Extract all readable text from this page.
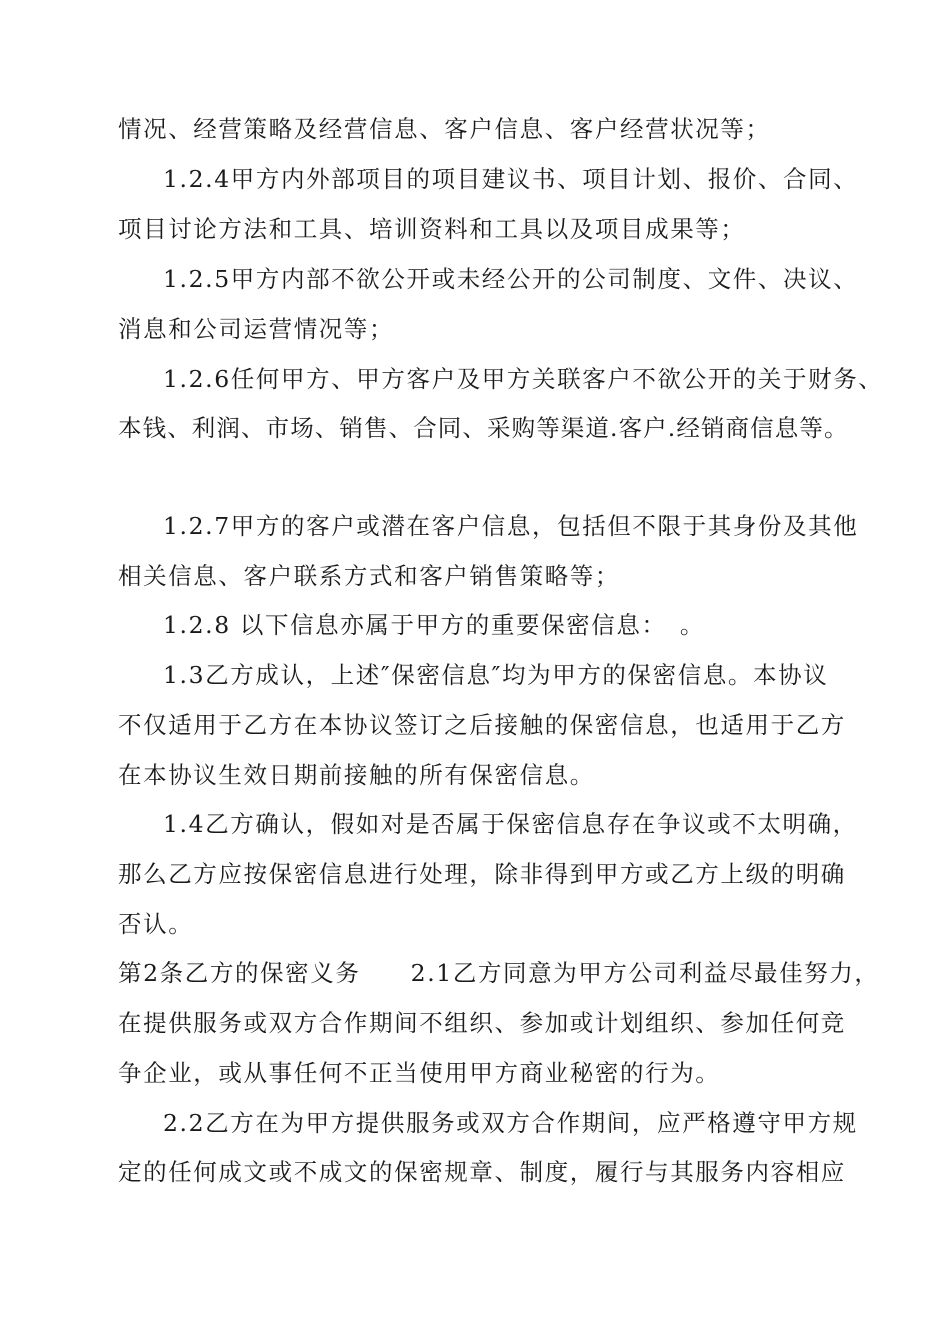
情况、经营策略及经营信息、客户信息、客户经营状况等；

1.2.4甲方内外部项目的项目建议书、项目计划、报价、合同、

项目讨论方法和工具、培训资料和工具以及项目成果等；

1.2.5甲方内部不欲公开或未经公开的公司制度、文件、决议、

消息和公司运营情况等；

1.2.6任何甲方、甲方客户及甲方关联客户不欲公开的关于财务、

本钱、利润、市场、销售、合同、采购等渠道.客户.经销商信息等。

1.2.7甲方的客户或潜在客户信息，包括但不限于其身份及其他

相关信息、客户联系方式和客户销售策略等；

1.2.8 以下信息亦属于甲方的重要保密信息：　。

1.3乙方成认，上述″保密信息″均为甲方的保密信息。本协议

不仅适用于乙方在本协议签订之后接触的保密信息，也适用于乙方

在本协议生效日期前接触的所有保密信息。

1.4乙方确认，假如对是否属于保密信息存在争议或不太明确，

那么乙方应按保密信息进行处理，除非得到甲方或乙方上级的明确

否认。

第2条乙方的保密义务　　2.1乙方同意为甲方公司利益尽最佳努力，

在提供服务或双方合作期间不组织、参加或计划组织、参加任何竞

争企业，或从事任何不正当使用甲方商业秘密的行为。

2.2乙方在为甲方提供服务或双方合作期间，应严格遵守甲方规

定的任何成文或不成文的保密规章、制度，履行与其服务内容相应
